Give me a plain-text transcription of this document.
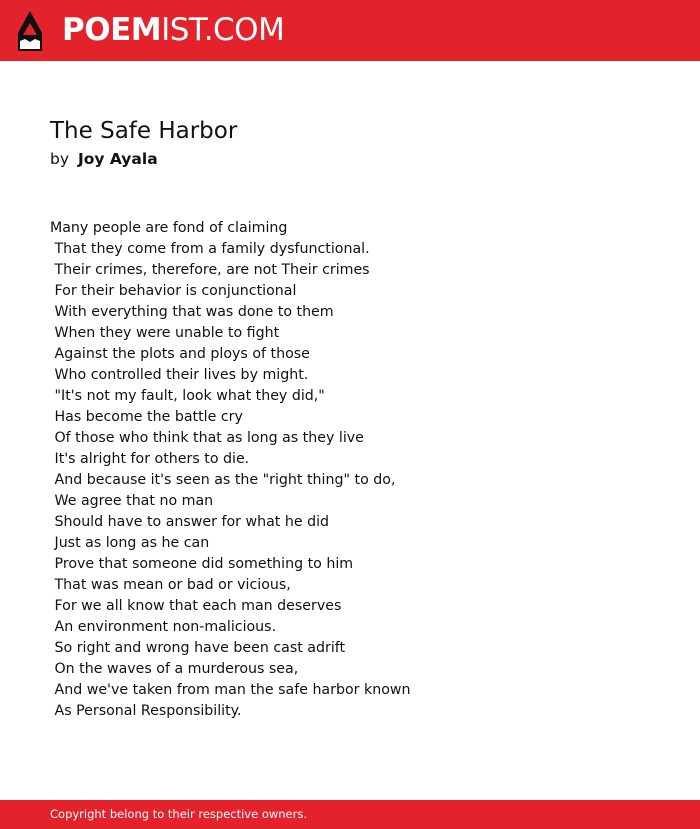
POEMIST.COM
The Safe Harbor
by Joy Ayala
Many people are fond of claiming
That they come from a family dysfunctional.
Their crimes, therefore, are not Their crimes
For their behavior is conjunctional
With everything that was done to them
When they were unable to fight
Against the plots and ploys of those
Who controlled their lives by might.
"It's not my fault, look what they did,"
Has become the battle cry
Of those who think that as long as they live
It's alright for others to die.
And because it's seen as the "right thing" to do,
We agree that no man
Should have to answer for what he did
Just as long as he can
Prove that someone did something to him
That was mean or bad or vicious,
For we all know that each man deserves
An environment non-malicious.
So right and wrong have been cast adrift
On the waves of a murderous sea,
And we've taken from man the safe harbor known
As Personal Responsibility.
Copyright belong to their respective owners.
